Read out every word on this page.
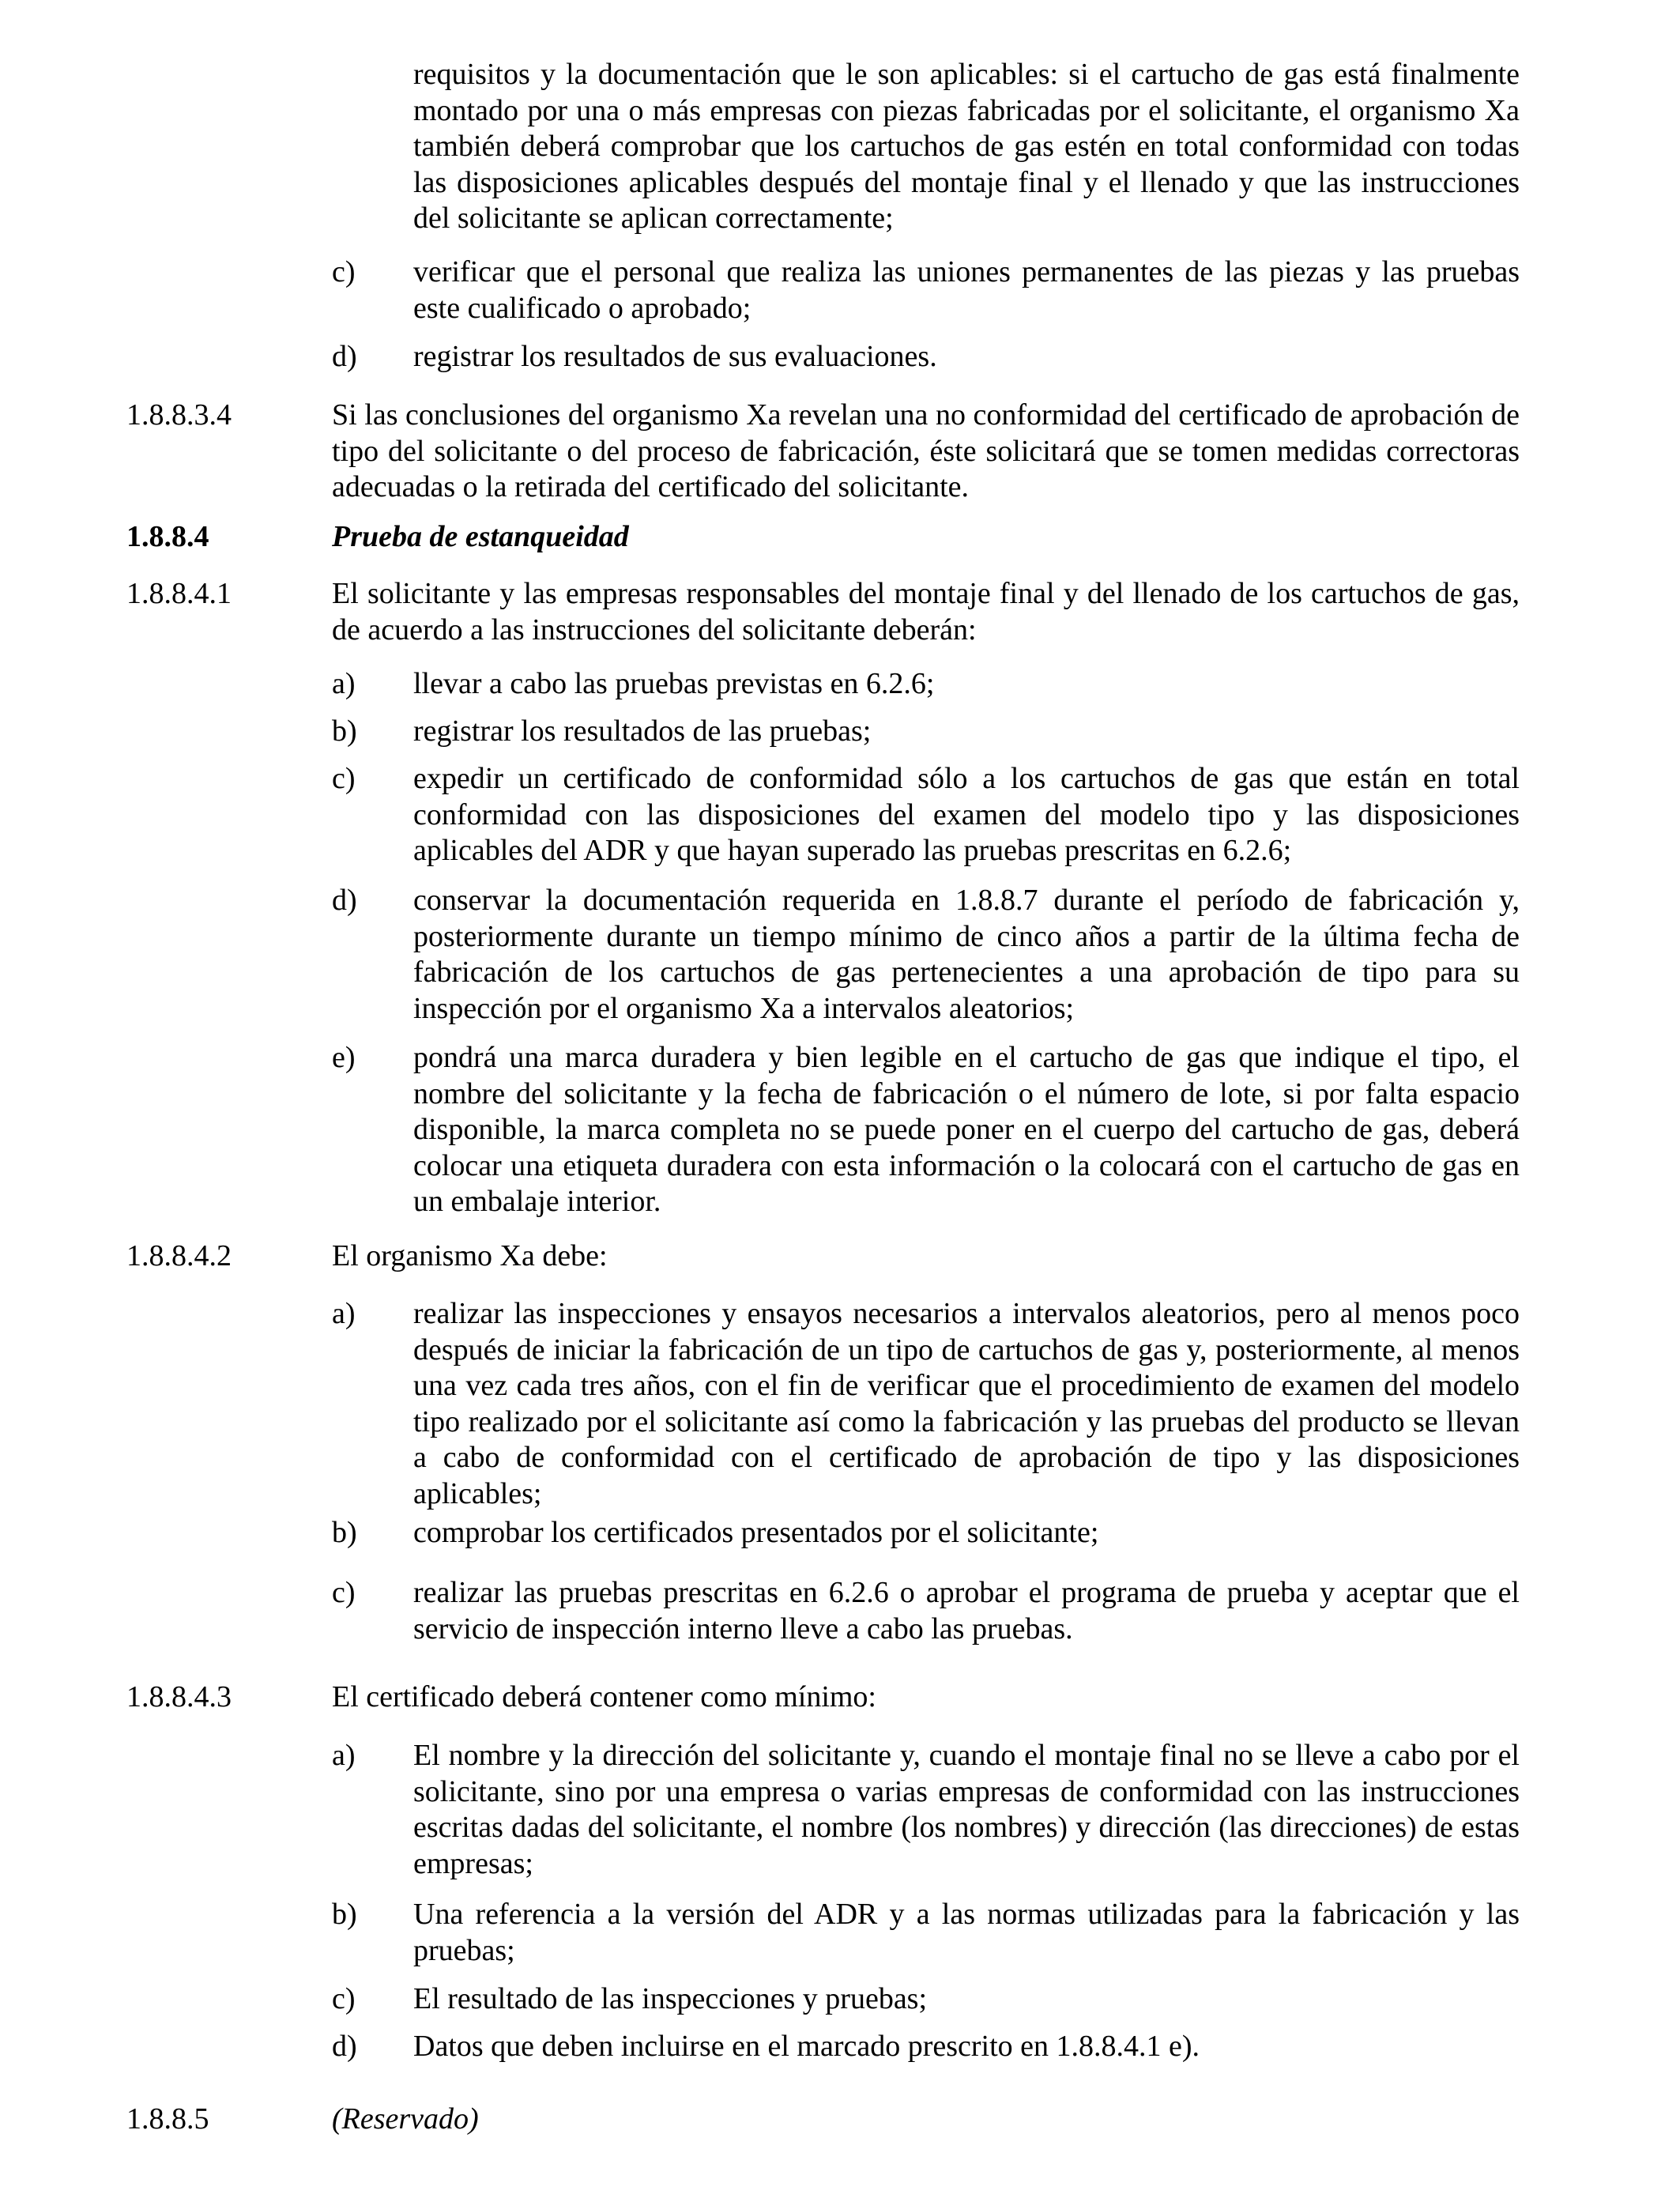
requisitos y la documentación que le son aplicables: si el cartucho de gas está finalmente montado por una o más empresas con piezas fabricadas por el solicitante, el organismo Xa también deberá comprobar que los cartuchos de gas estén en total conformidad con todas las disposiciones aplicables después del montaje final y el llenado y que las instrucciones del solicitante se aplican correctamente;

c) verificar que el personal que realiza las uniones permanentes de las piezas y las pruebas este cualificado o aprobado;

d) registrar los resultados de sus evaluaciones.

1.8.8.3.4	Si las conclusiones del organismo Xa revelan una no conformidad del certificado de aprobación de tipo del solicitante o del proceso de fabricación, éste solicitará que se tomen medidas correctoras adecuadas o la retirada del certificado del solicitante.

1.8.8.4	Prueba de estanqueidad

1.8.8.4.1	El solicitante y las empresas responsables del montaje final y del llenado de los cartuchos de gas, de acuerdo a las instrucciones del solicitante deberán:

a) llevar a cabo las pruebas previstas en 6.2.6;

b) registrar los resultados de las pruebas;

c) expedir un certificado de conformidad sólo a los cartuchos de gas que están en total conformidad con las disposiciones del examen del modelo tipo y las disposiciones aplicables del ADR y que hayan superado las pruebas prescritas en 6.2.6;

d) conservar la documentación requerida en 1.8.8.7 durante el período de fabricación y, posteriormente durante un tiempo mínimo de cinco años a partir de la última fecha de fabricación de los cartuchos de gas pertenecientes a una aprobación de tipo para su inspección por el organismo Xa a intervalos aleatorios;

e) pondrá una marca duradera y bien legible en el cartucho de gas que indique el tipo, el nombre del solicitante y la fecha de fabricación o el número de lote, si por falta espacio disponible, la marca completa no se puede poner en el cuerpo del cartucho de gas, deberá colocar una etiqueta duradera con esta información o la colocará con el cartucho de gas en un embalaje interior.

1.8.8.4.2	El organismo Xa debe:

a) realizar las inspecciones y ensayos necesarios a intervalos aleatorios, pero al menos poco después de iniciar la fabricación de un tipo de cartuchos de gas y, posteriormente, al menos una vez cada tres años, con el fin de verificar que el procedimiento de examen del modelo tipo realizado por el solicitante así como la fabricación y las pruebas del producto se llevan a cabo de conformidad con el certificado de aprobación de tipo y las disposiciones aplicables;

b) comprobar los certificados presentados por el solicitante;

c) realizar las pruebas prescritas en 6.2.6 o aprobar el programa de prueba y aceptar que el servicio de inspección interno lleve a cabo las pruebas.

1.8.8.4.3	El certificado deberá contener como mínimo:

a) El nombre y la dirección del solicitante y, cuando el montaje final no se lleve a cabo por el solicitante, sino por una empresa o varias empresas de conformidad con las instrucciones escritas dadas del solicitante, el nombre (los nombres) y dirección (las direcciones) de estas empresas;

b) Una referencia a la versión del ADR y a las normas utilizadas para la fabricación y las pruebas;

c) El resultado de las inspecciones y pruebas;

d) Datos que deben incluirse en el marcado prescrito en 1.8.8.4.1 e).

1.8.8.5	(Reservado)
